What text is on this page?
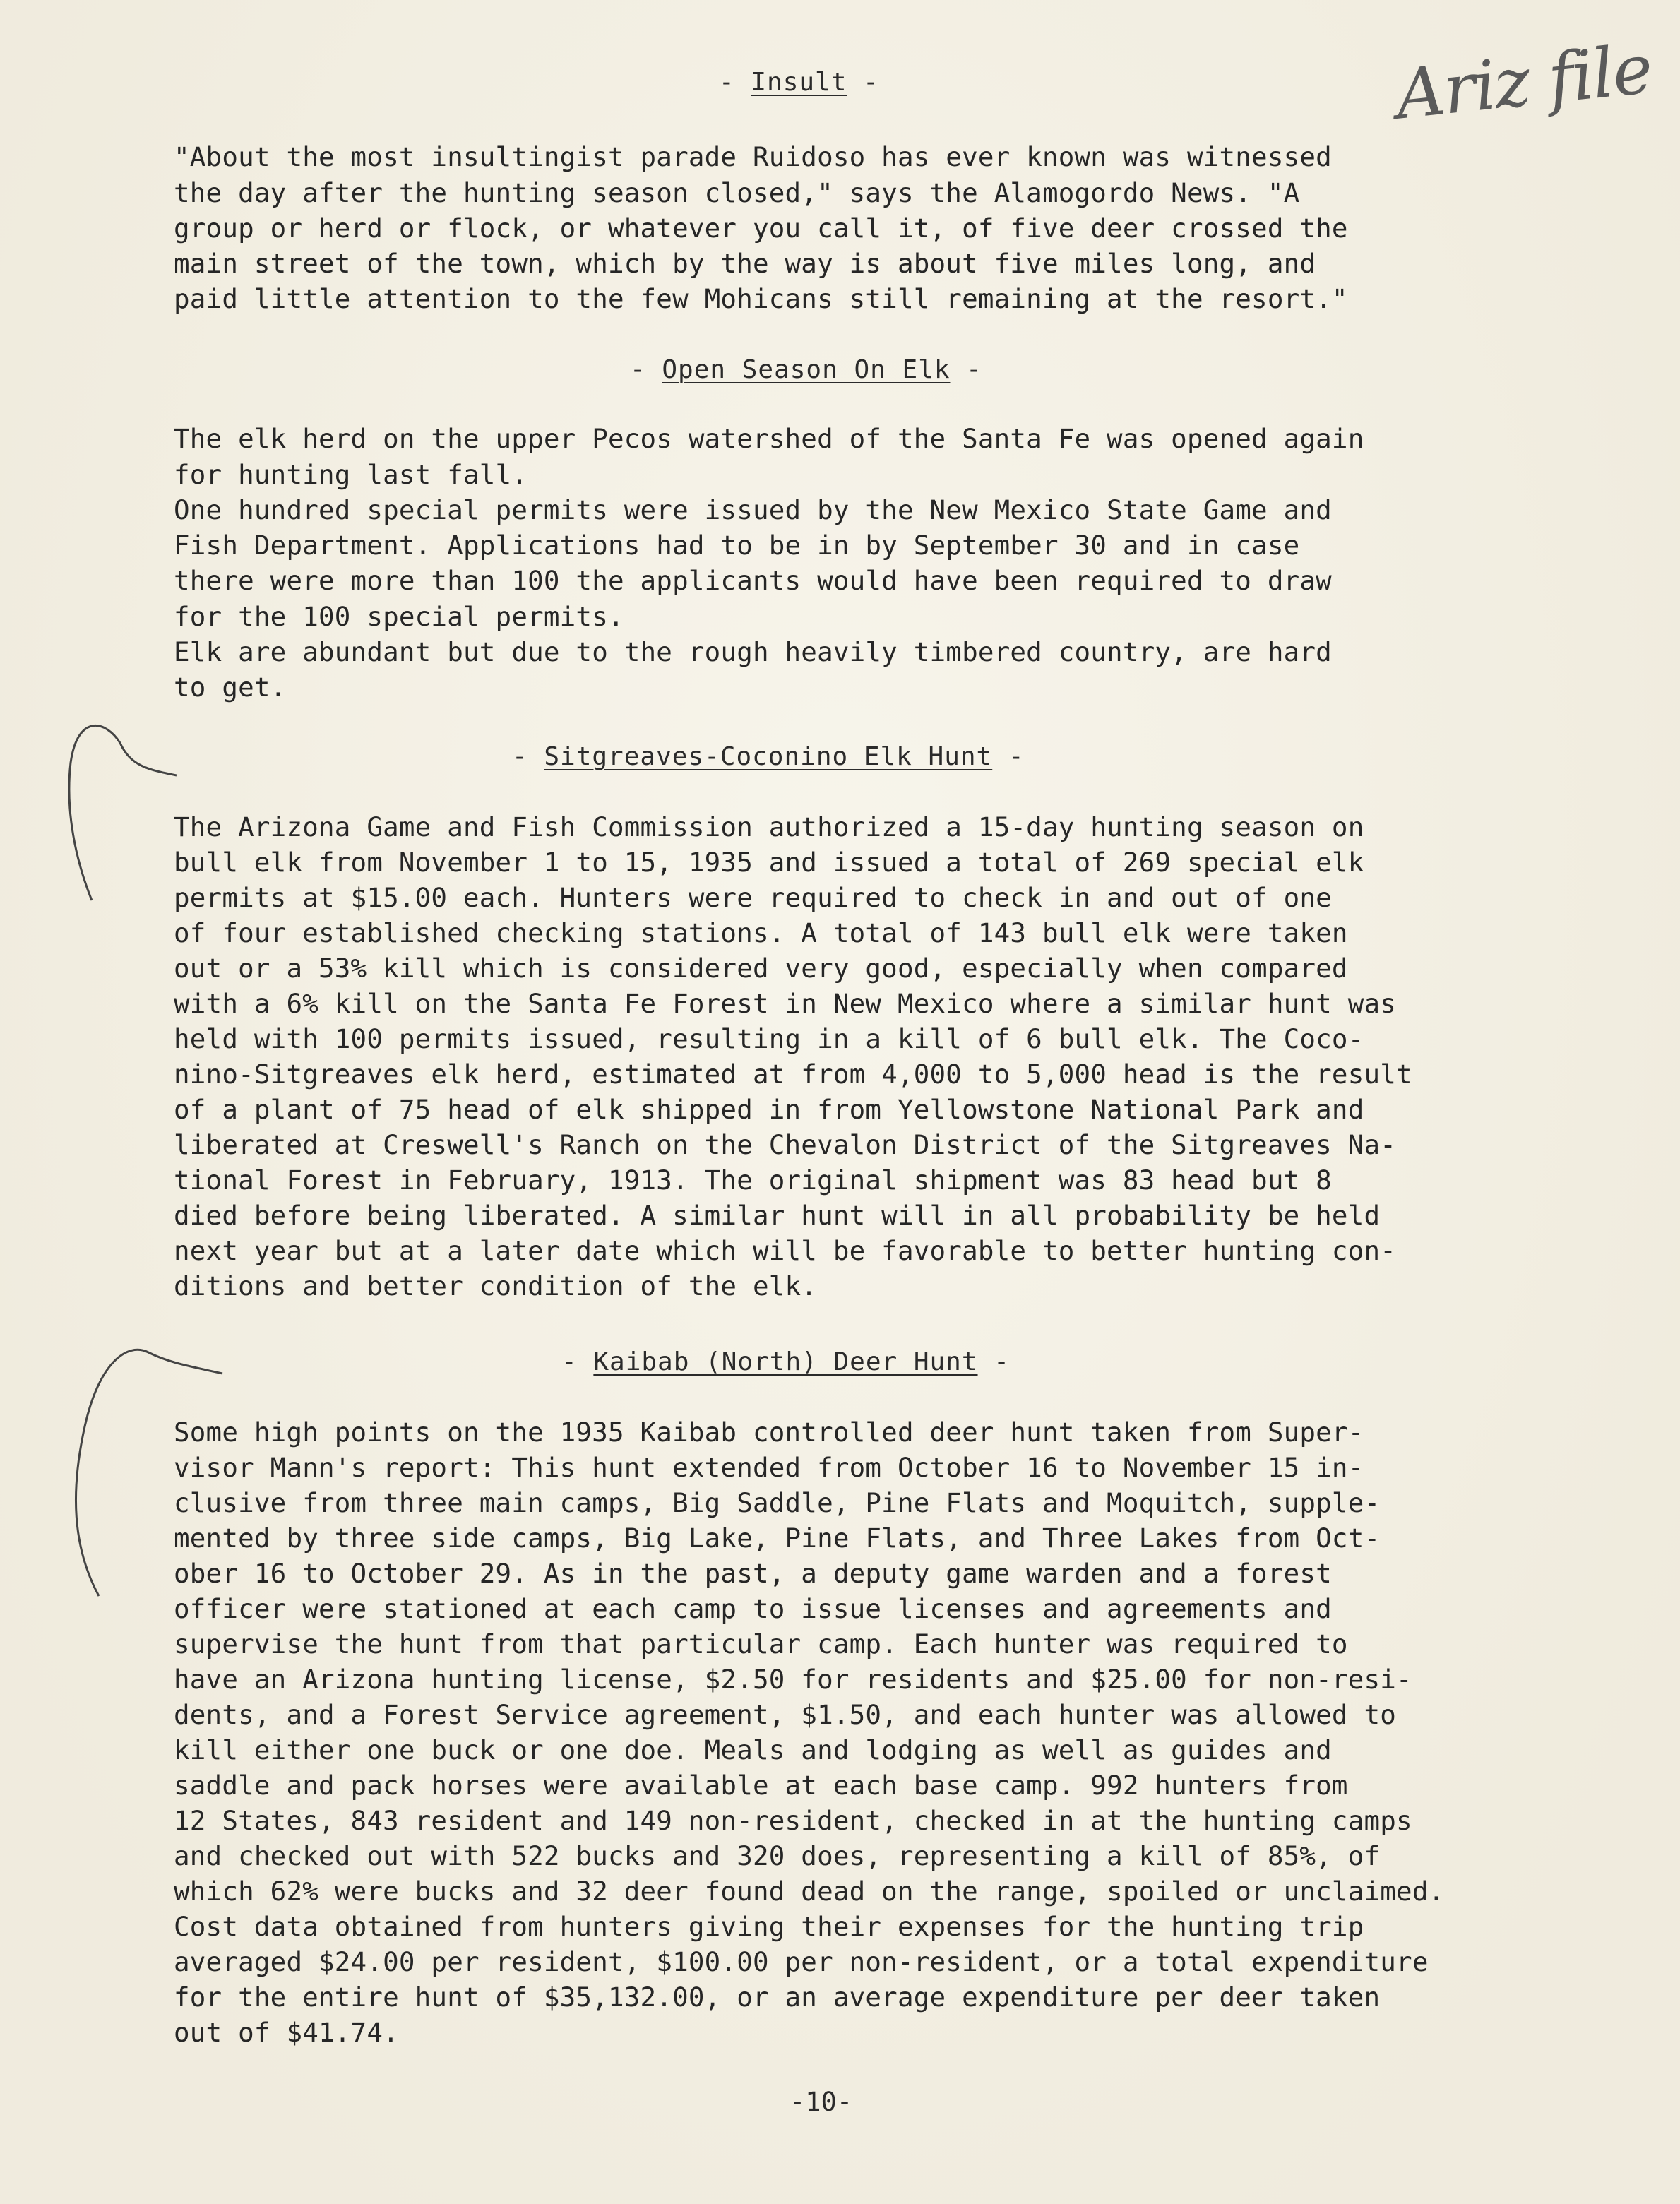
Ariz file
- Insult -
"About the most insultingist parade Ruidoso has ever known was witnessed
the day after the hunting season closed," says the Alamogordo News. "A
group or herd or flock, or whatever you call it, of five deer crossed the
main street of the town, which by the way is about five miles long, and
paid little attention to the few Mohicans still remaining at the resort."
- Open Season On Elk -
The elk herd on the upper Pecos watershed of the Santa Fe was opened again
for hunting last fall.
One hundred special permits were issued by the New Mexico State Game and
Fish Department. Applications had to be in by September 30 and in case
there were more than 100 the applicants would have been required to draw
for the 100 special permits.
Elk are abundant but due to the rough heavily timbered country, are hard
to get.
- Sitgreaves-Coconino Elk Hunt -
The Arizona Game and Fish Commission authorized a 15-day hunting season on
bull elk from November 1 to 15, 1935 and issued a total of 269 special elk
permits at $15.00 each. Hunters were required to check in and out of one
of four established checking stations. A total of 143 bull elk were taken
out or a 53% kill which is considered very good, especially when compared
with a 6% kill on the Santa Fe Forest in New Mexico where a similar hunt was
held with 100 permits issued, resulting in a kill of 6 bull elk. The Coco-
nino-Sitgreaves elk herd, estimated at from 4,000 to 5,000 head is the result
of a plant of 75 head of elk shipped in from Yellowstone National Park and
liberated at Creswell's Ranch on the Chevalon District of the Sitgreaves Na-
tional Forest in February, 1913. The original shipment was 83 head but 8
died before being liberated. A similar hunt will in all probability be held
next year but at a later date which will be favorable to better hunting con-
ditions and better condition of the elk.
- Kaibab (North) Deer Hunt -
Some high points on the 1935 Kaibab controlled deer hunt taken from Super-
visor Mann's report: This hunt extended from October 16 to November 15 in-
clusive from three main camps, Big Saddle, Pine Flats and Moquitch, supple-
mented by three side camps, Big Lake, Pine Flats, and Three Lakes from Oct-
ober 16 to October 29. As in the past, a deputy game warden and a forest
officer were stationed at each camp to issue licenses and agreements and
supervise the hunt from that particular camp. Each hunter was required to
have an Arizona hunting license, $2.50 for residents and $25.00 for non-resi-
dents, and a Forest Service agreement, $1.50, and each hunter was allowed to
kill either one buck or one doe. Meals and lodging as well as guides and
saddle and pack horses were available at each base camp. 992 hunters from
12 States, 843 resident and 149 non-resident, checked in at the hunting camps
and checked out with 522 bucks and 320 does, representing a kill of 85%, of
which 62% were bucks and 32 deer found dead on the range, spoiled or unclaimed.
Cost data obtained from hunters giving their expenses for the hunting trip
averaged $24.00 per resident, $100.00 per non-resident, or a total expenditure
for the entire hunt of $35,132.00, or an average expenditure per deer taken
out of $41.74.
-10-
